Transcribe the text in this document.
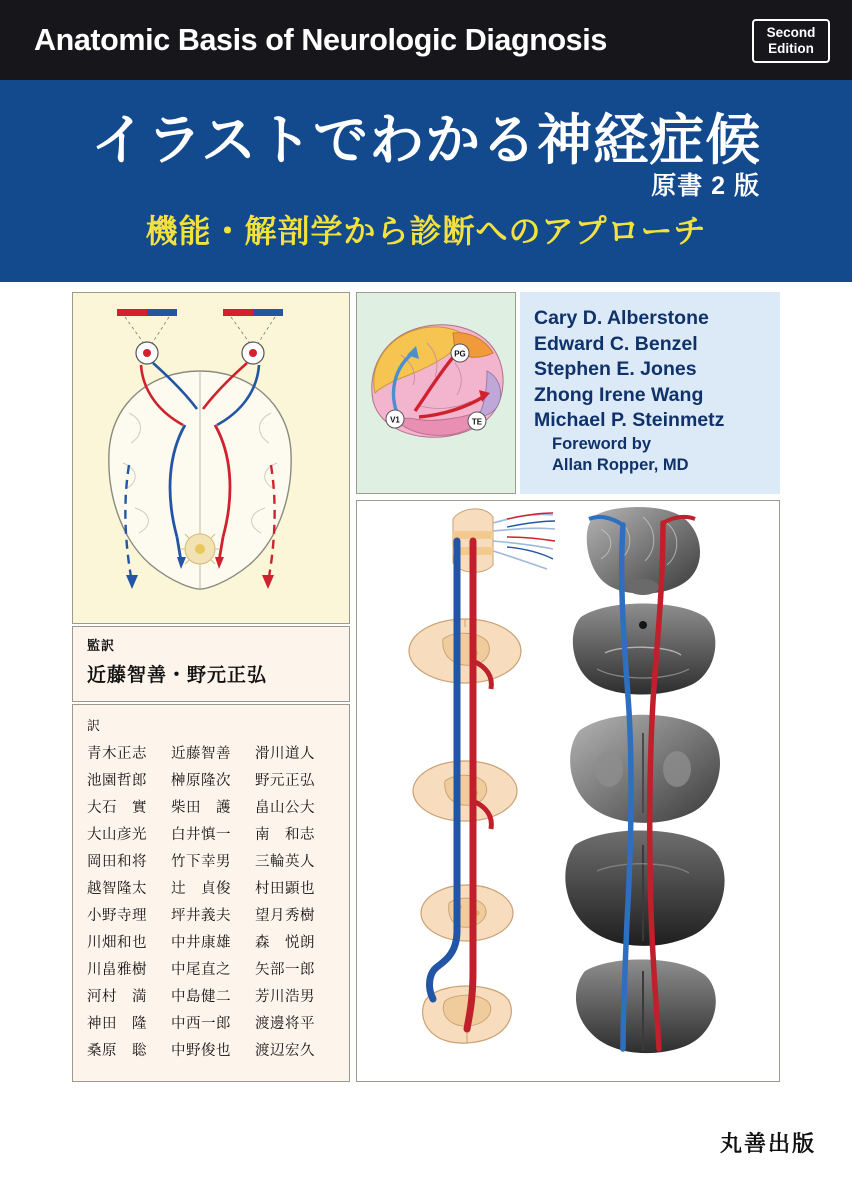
Anatomic Basis of Neurologic Diagnosis	Second
Edition
イラストでわかる神経症候
原書 2 版
機能・解剖学から診断へのアプローチ
PG
V1	TE
Cary D. Alberstone
Edward C. Benzel
Stephen E. Jones
Zhong Irene Wang
Michael P. Steinmetz
Foreword by
Allan Ropper, MD
監訳
近藤智善・野元正弘
訳
青木正志	近藤智善	滑川道人
池園哲郎	榊原隆次	野元正弘
大石　實	柴田　護	畠山公大
大山彦光	白井慎一	南　和志
岡田和将	竹下幸男	三輪英人
越智隆太	辻　貞俊	村田顕也
小野寺理	坪井義夫	望月秀樹
川畑和也	中井康雄	森　悦朗
川畠雅樹	中尾直之	矢部一郎
河村　満	中島健二	芳川浩男
神田　隆	中西一郎	渡邊将平
桑原　聡	中野俊也	渡辺宏久
丸善出版
